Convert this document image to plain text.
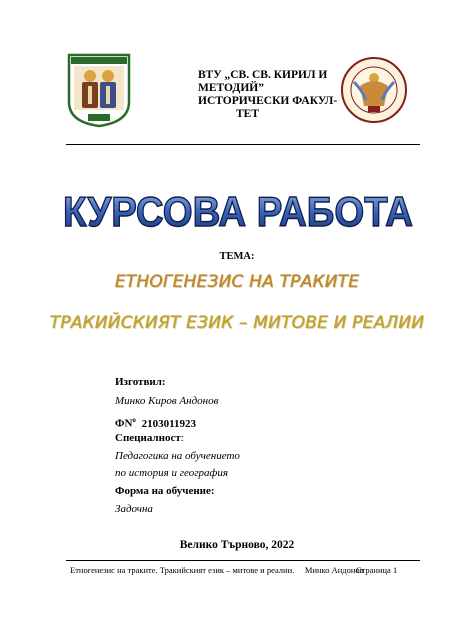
ВТУ „СВ. СВ. КИРИЛ И
МЕТОДИЙ”
ИСТОРИЧЕСКИ ФАКУЛ-
ТЕТ
КУРСОВА РАБОТА
ТЕМА:
ЕТНОГЕНЕЗИС НА ТРАКИТЕ
ТРАКИЙСКИЯТ ЕЗИК – МИТОВЕ И РЕАЛИИ
Изготвил:
Минко Киров Андонов
$ФN^o$ 2103011923
Специалност:
Педагогика на обучението
по история и география
Форма на обучение:
Задочна
Велико Търново, 2022
Етногенезис на траките. Тракийският език – митове и реалии.     Минко Андонов
Страница 1
